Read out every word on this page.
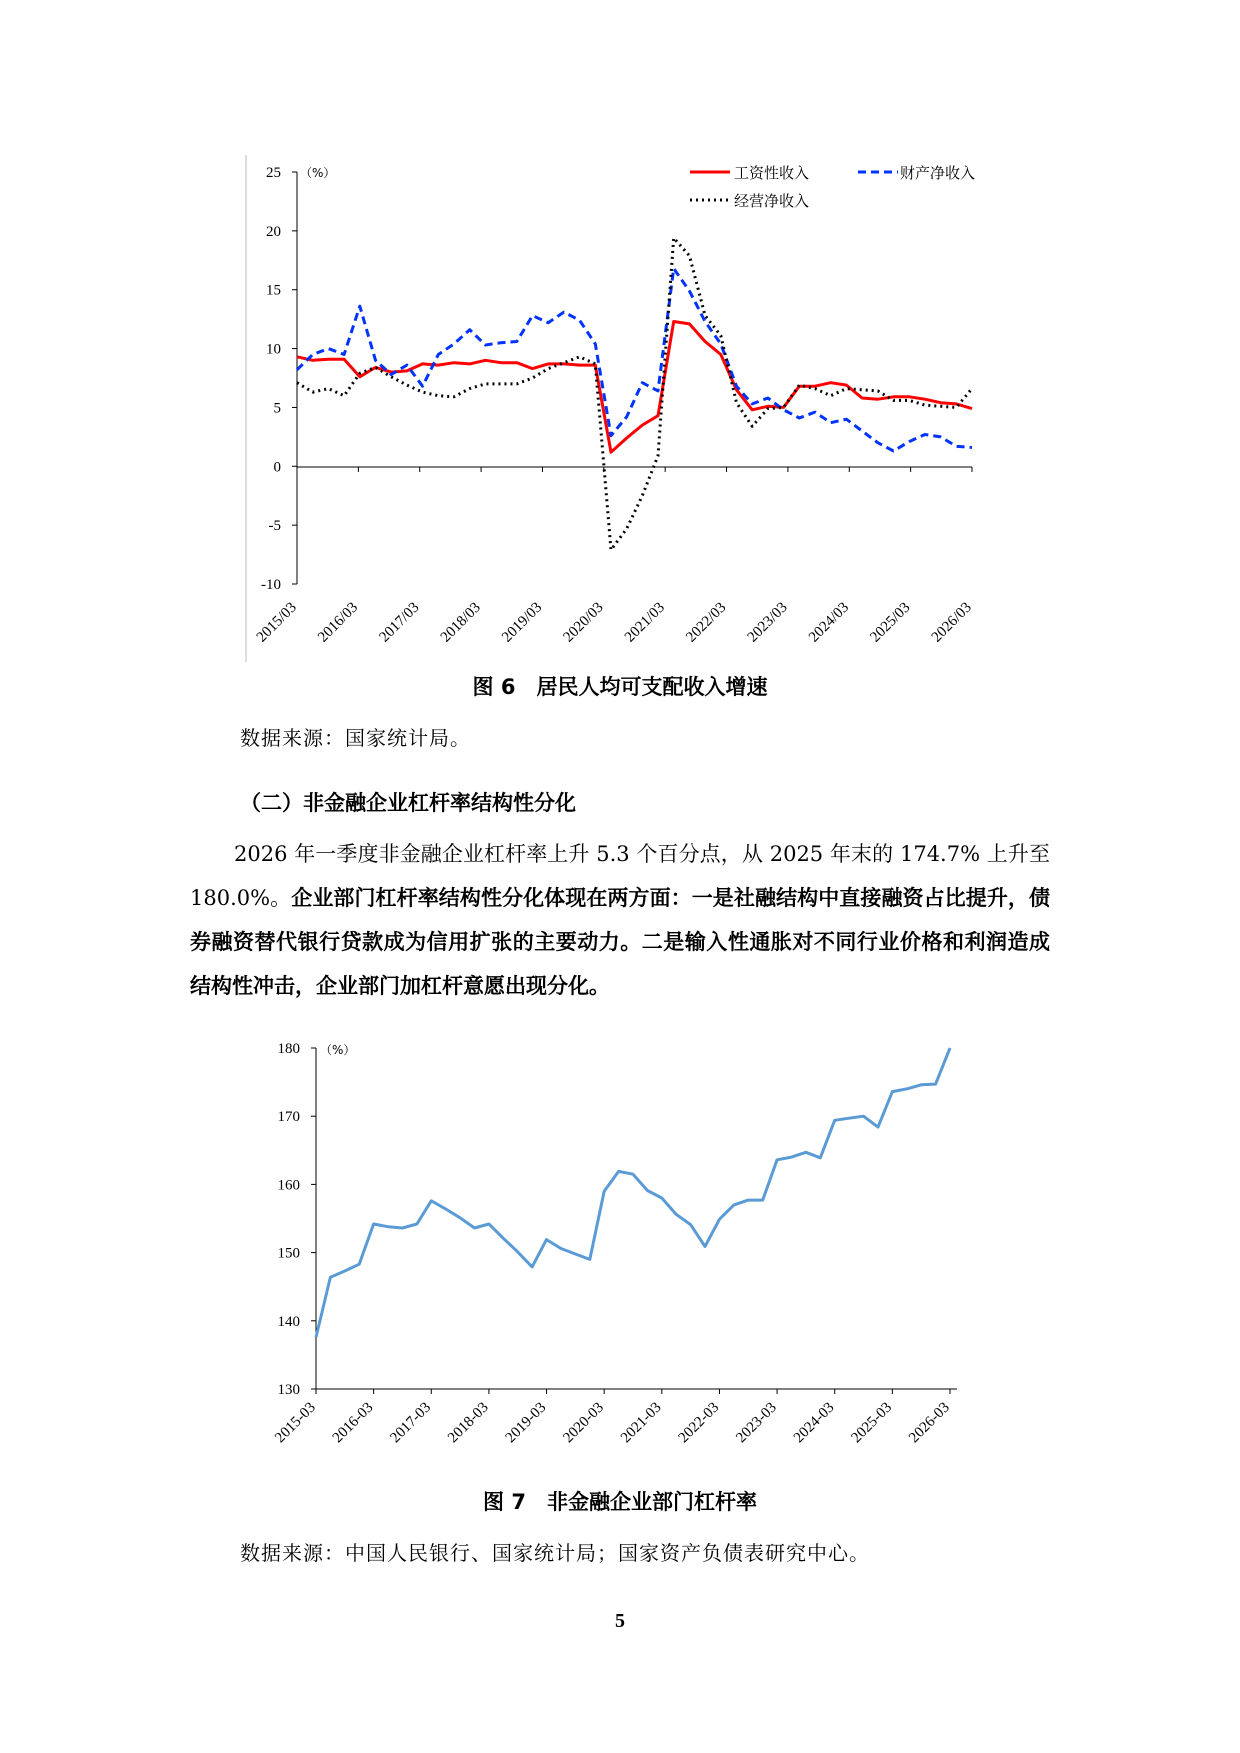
（%）
25
20
15
10
5
0
-5
-10
2015/03 2016/03 2017/03 2018/03 2019/03 2020/03 2021/03 2022/03 2023/03 2024/03 2025/03 2026/03
工资性收入	财产净收入
经营净收入
图 6　居民人均可支配收入增速
数据来源：国家统计局。
（二）非金融企业杠杆率结构性分化
2026 年一季度非金融企业杠杆率上升 5.3 个百分点，从 2025 年末的 174.7% 上升至 180.0%。企业部门杠杆率结构性分化体现在两方面：一是社融结构中直接融资占比提升，债券融资替代银行贷款成为信用扩张的主要动力。二是输入性通胀对不同行业价格和利润造成结构性冲击，企业部门加杠杆意愿出现分化。
（%）
180
170
160
150
140
130
2015-03 2016-03 2017-03 2018-03 2019-03 2020-03 2021-03 2022-03 2023-03 2024-03 2025-03 2026-03
图 7　非金融企业部门杠杆率
数据来源：中国人民银行、国家统计局；国家资产负债表研究中心。
5
